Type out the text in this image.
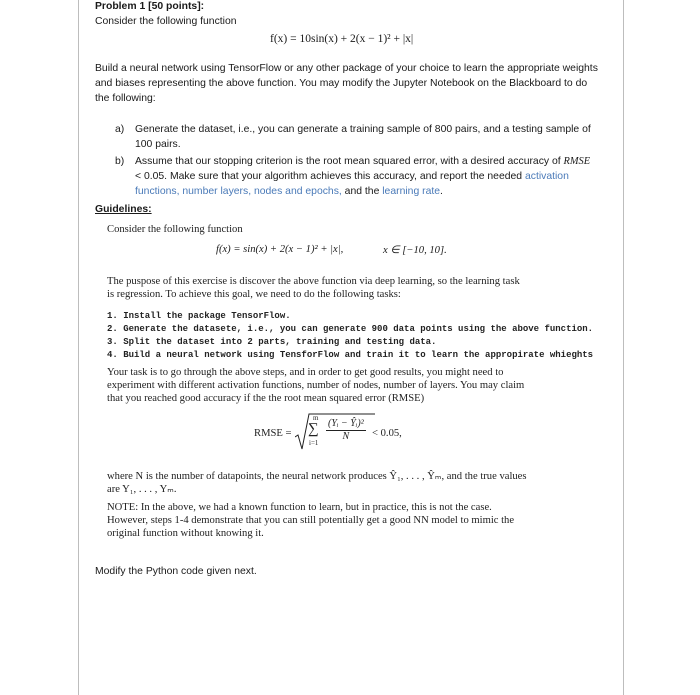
Problem 1 [50 points]:
Consider the following function
f(x) = 10sin(x) + 2(x − 1)² + |x|
Build a neural network using TensorFlow or any other package of your choice to learn the appropriate weights
and biases representing the above function. You may modify the Jupyter Notebook on the Blackboard to do
the following:
a) Generate the dataset, i.e., you can generate a training sample of 800 pairs, and a testing sample of
100 pairs.
b) Assume that our stopping criterion is the root mean squared error, with a desired accuracy of RMSE
< 0.05. Make sure that your algorithm achieves this accuracy, and report the needed activation
functions, number layers, nodes and epochs, and the learning rate.
Guidelines:
Consider the following function
f(x) = sin(x) + 2(x − 1)² + |x|,	x ∈ [−10, 10].
The puspose of this exercise is discover the above function via deep learning, so the learning task
is regression. To achieve this goal, we need to do the following tasks:
1. Install the package TensorFlow.
2. Generate the datasete, i.e., you can generate 900 data points using the above function.
3. Split the dataset into 2 parts, training and testing data.
4. Build a neural network using TensforFlow and train it to learn the appropirate whieghts
Your task is to go through the above steps, and in order to get good results, you might need to
experiment with different activation functions, number of nodes, number of layers. You may claim
that you reached good accuracy if the the root mean squared error (RMSE)
RMSE =
m
∑
$i=1 \frac{\text{(Yᵢ − Ŷᵢ)²}}{N} < 0.05$,
where N is the number of datapoints, the neural network produces Ŷ₁, . . . , Ŷₘ, and the true values
are Y₁, . . . , Yₘ.
NOTE: In the above, we had a known function to learn, but in practice, this is not the case.
However, steps 1-4 demonstrate that you can still potentially get a good NN model to mimic the
original function without knowing it.
Modify the Python code given next.
